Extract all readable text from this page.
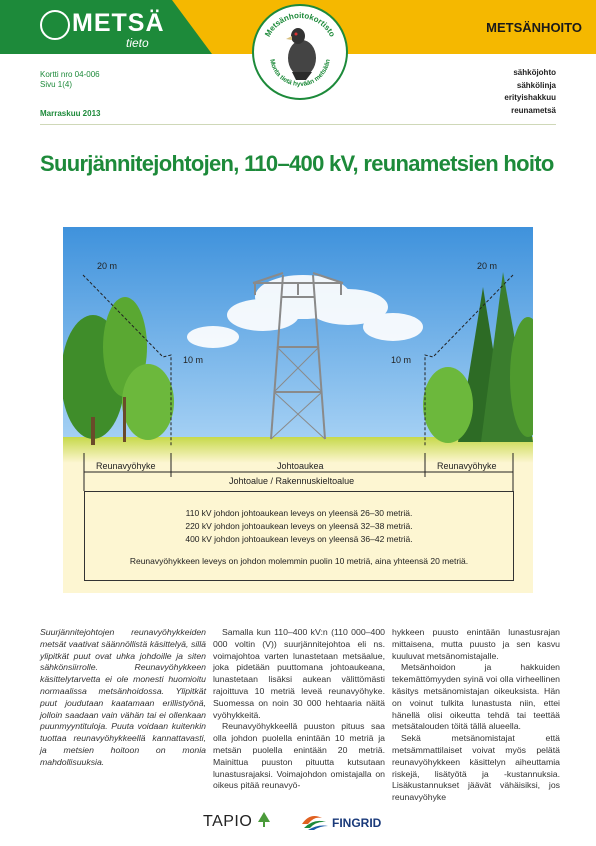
METSÄ
tieto
METSÄNHOITO
Metsänhoitokortisto
Monta tietä hyvään metsään
Kortti nro 04-006
Sivu 1(4)
Marraskuu 2013
sähköjohto
sähkölinja
erityishakkuu
reunametsä
Suurjännitejohtojen, 110–400 kV, reunametsien hoito
20 m
10 m
20 m
10 m
Reunavyöhyke	Johtoaukea	Reunavyöhyke
Johtoalue / Rakennuskieltoalue
110 kV johdon johtoaukean leveys on yleensä 26–30 metriä.
220 kV johdon johtoaukean leveys on yleensä 32–38 metriä.
400 kV johdon johtoaukean leveys on yleensä 36–42 metriä.
Reunavyöhykkeen leveys on johdon molemmin puolin 10 metriä, aina yhteensä 20 metriä.

Suurjännitejohtojen reunavyöhykkeiden metsät vaativat säännöllistä käsittelyä, sillä ylipitkät puut ovat uhka johdoille ja siten sähkönsiirrolle. Reunavyöhykkeen käsittelytarvetta ei ole monesti huomioitu normaalissa metsänhoidossa. Ylipitkät puut joudutaan kaatamaan erillistyönä, jolloin saadaan vain vähän tai ei ollenkaan puunmyyntituloja. Puuta voidaan kuitenkin tuottaa reunavyöhykkeellä kannattavasti, ja metsien hoitoon on monia mahdollisuuksia.

Samalla kun 110–400 kV:n (110 000–400 000 voltin (V)) suurjännitejohtoa eli ns. voimajohtoa varten lunastetaan metsäalue, joka pidetään puuttomana johtoaukeana, lunastetaan lisäksi aukean välittömästi rajoittuva 10 metriä leveä reunavyöhyke. Suomessa on noin 30 000 hehtaaria näitä vyöhykkeitä.

Reunavyöhykkeellä puuston pituus saa olla johdon puolella enintään 10 metriä ja metsän puolella enintään 20 metriä. Mainittua puuston pituutta kutsutaan lunastusrajaksi. Voimajohdon omistajalla on oikeus pitää reunavyö-

hykkeen puusto enintään lunastusrajan mittaisena, mutta puusto ja sen kasvu kuuluvat metsänomistajalle.

Metsänhoidon ja hakkuiden tekemättömyyden syinä voi olla virheellinen käsitys metsänomistajan oikeuksista. Hän on voinut tulkita lunastusta niin, ettei hänellä olisi oikeutta tehdä tai teettää metsätalouden töitä tällä alueella.

Sekä metsänomistajat että metsämmattilaiset voivat myös pelätä reunavyöhykkeen käsittelyn aiheuttamia riskejä, lisätyötä ja -kustannuksia. Lisäkustannukset jäävät vähäisiksi, jos reunavyöhyke

TAPIO	FINGRID
